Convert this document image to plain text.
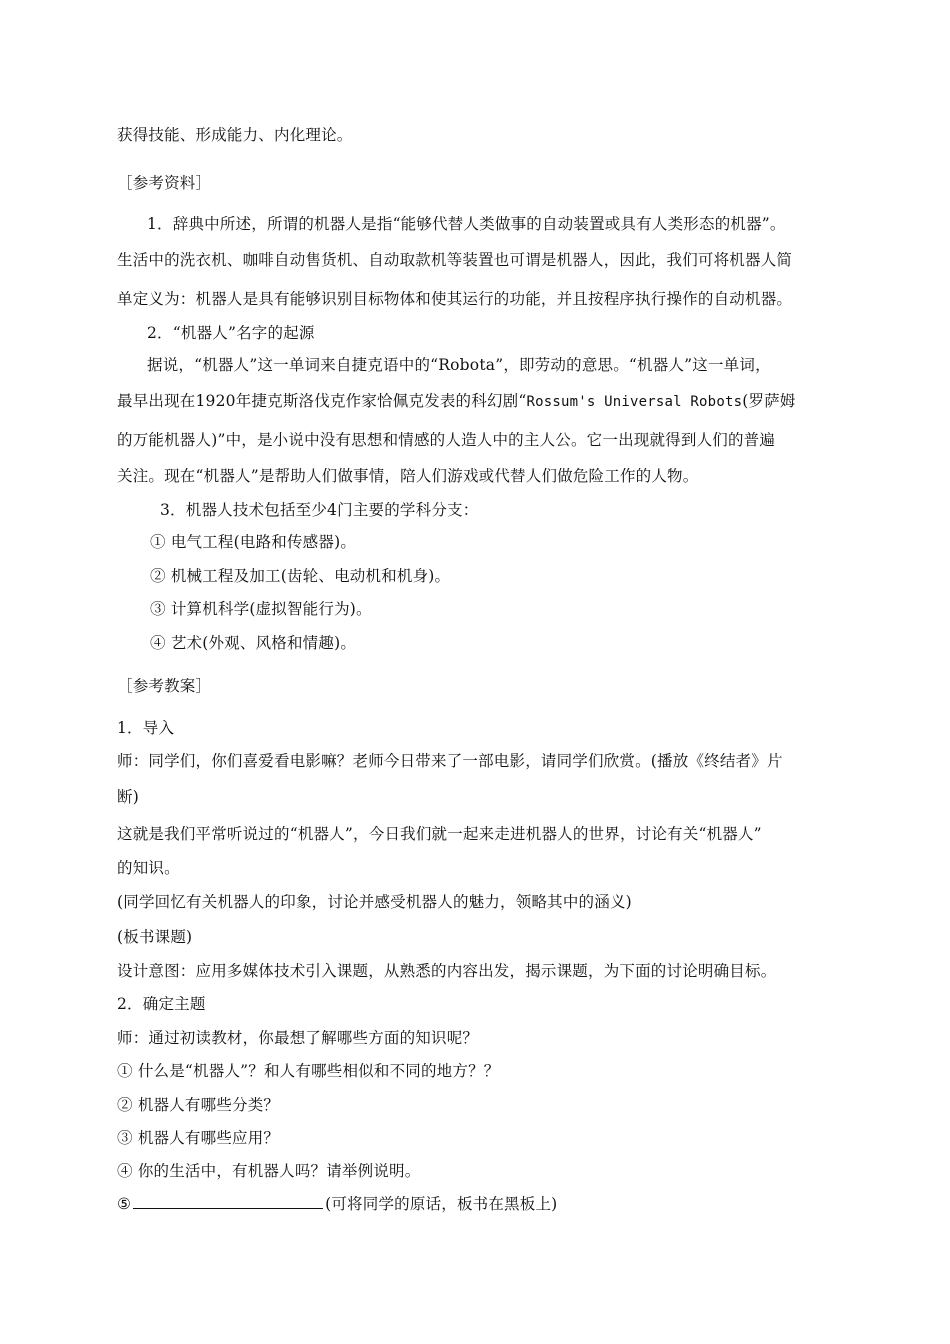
获得技能、形成能力、内化理论。
［参考资料］
1．辞典中所述，所谓的机器人是指“能够代替人类做事的自动装置或具有人类形态的机器”。
生活中的洗衣机、咖啡自动售货机、自动取款机等装置也可谓是机器人，因此，我们可将机器人简
单定义为：机器人是具有能够识别目标物体和使其运行的功能，并且按程序执行操作的自动机器。
2．“机器人”名字的起源
据说，“机器人”这一单词来自捷克语中的“Robota”，即劳动的意思。“机器人”这一单词，
最早出现在1920年捷克斯洛伐克作家恰佩克发表的科幻剧“Rossum's Universal Robots(罗萨姆
的万能机器人)”中，是小说中没有思想和情感的人造人中的主人公。它一出现就得到人们的普遍
关注。现在“机器人”是帮助人们做事情，陪人们游戏或代替人们做危险工作的人物。
3．机器人技术包括至少4门主要的学科分支：
① 电气工程(电路和传感器)。
② 机械工程及加工(齿轮、电动机和机身)。
③ 计算机科学(虚拟智能行为)。
④ 艺术(外观、风格和情趣)。
［参考教案］
1．导入
师：同学们，你们喜爱看电影嘛？老师今日带来了一部电影，请同学们欣赏。(播放《终结者》片
断)
这就是我们平常听说过的“机器人”，今日我们就一起来走进机器人的世界，讨论有关“机器人”
的知识。
(同学回忆有关机器人的印象，讨论并感受机器人的魅力，领略其中的涵义)
(板书课题)
设计意图：应用多媒体技术引入课题，从熟悉的内容出发，揭示课题，为下面的讨论明确目标。
2．确定主题
师：通过初读教材，你最想了解哪些方面的知识呢？
① 什么是“机器人”？和人有哪些相似和不同的地方？？
② 机器人有哪些分类？
③ 机器人有哪些应用？
④ 你的生活中，有机器人吗？请举例说明。
⑤	(可将同学的原话，板书在黑板上)
